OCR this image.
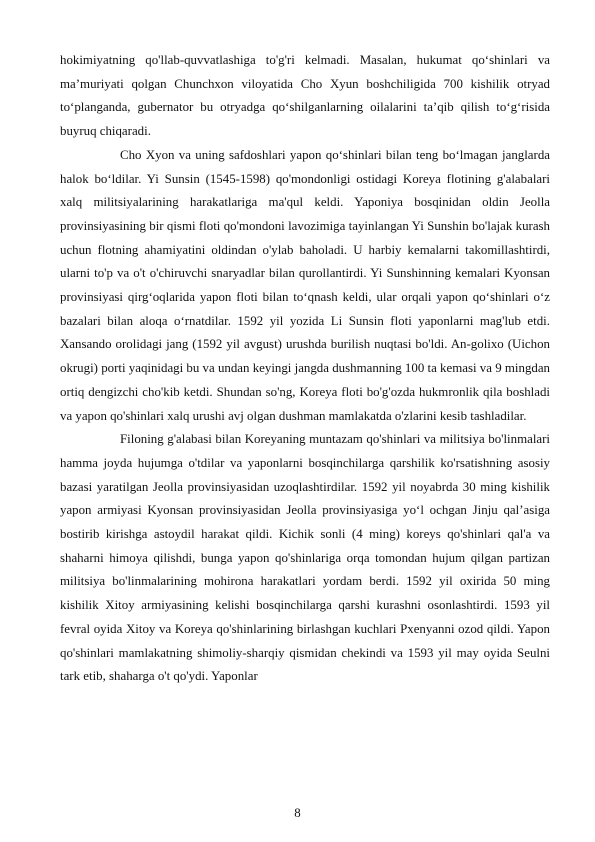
hokimiyatning qo'llab-quvvatlashiga to'g'ri kelmadi. Masalan, hukumat qo‘shinlari va ma’muriyati qolgan Chunchxon viloyatida Cho Xyun boshchiligida 700 kishilik otryad to‘planganda, gubernator bu otryadga qo‘shilganlarning oilalarini ta’qib qilish to‘g‘risida buyruq chiqaradi.

Cho Xyon va uning safdoshlari yapon qo‘shinlari bilan teng bo‘lmagan janglarda halok bo‘ldilar. Yi Sunsin (1545-1598) qo'mondonligi ostidagi Koreya flotining g'alabalari xalq militsiyalarining harakatlariga ma'qul keldi. Yaponiya bosqinidan oldin Jeolla provinsiyasining bir qismi floti qo'mondoni lavozimiga tayinlangan Yi Sunshin bo'lajak kurash uchun flotning ahamiyatini oldindan o'ylab baholadi. U harbiy kemalarni takomillashtirdi, ularni to'p va o't o'chiruvchi snaryadlar bilan qurollantirdi. Yi Sunshinning kemalari Kyonsan provinsiyasi qirg‘oqlarida yapon floti bilan to‘qnash keldi, ular orqali yapon qo‘shinlari o‘z bazalari bilan aloqa o‘rnatdilar. 1592 yil yozida Li Sunsin floti yaponlarni mag'lub etdi. Xansando orolidagi jang (1592 yil avgust) urushda burilish nuqtasi bo'ldi. An-golixo (Uichon okrugi) porti yaqinidagi bu va undan keyingi jangda dushmanning 100 ta kemasi va 9 mingdan ortiq dengizchi cho'kib ketdi. Shundan so'ng, Koreya floti bo'g'ozda hukmronlik qila boshladi va yapon qo'shinlari xalq urushi avj olgan dushman mamlakatda o'zlarini kesib tashladilar.

Filoning g'alabasi bilan Koreyaning muntazam qo'shinlari va militsiya bo'linmalari hamma joyda hujumga o'tdilar va yaponlarni bosqinchilarga qarshilik ko'rsatishning asosiy bazasi yaratilgan Jeolla provinsiyasidan uzoqlashtirdilar. 1592 yil noyabrda 30 ming kishilik yapon armiyasi Kyonsan provinsiyasidan Jeolla provinsiyasiga yo‘l ochgan Jinju qal’asiga bostirib kirishga astoydil harakat qildi. Kichik sonli (4 ming) koreys qo'shinlari qal'a va shaharni himoya qilishdi, bunga yapon qo'shinlariga orqa tomondan hujum qilgan partizan militsiya bo'linmalarining mohirona harakatlari yordam berdi. 1592 yil oxirida 50 ming kishilik Xitoy armiyasining kelishi bosqinchilarga qarshi kurashni osonlashtirdi. 1593 yil fevral oyida Xitoy va Koreya qo'shinlarining birlashgan kuchlari Pxenyanni ozod qildi. Yapon qo'shinlari mamlakatning shimoliy-sharqiy qismidan chekindi va 1593 yil may oyida Seulni tark etib, shaharga o't qo'ydi. Yaponlar

8
